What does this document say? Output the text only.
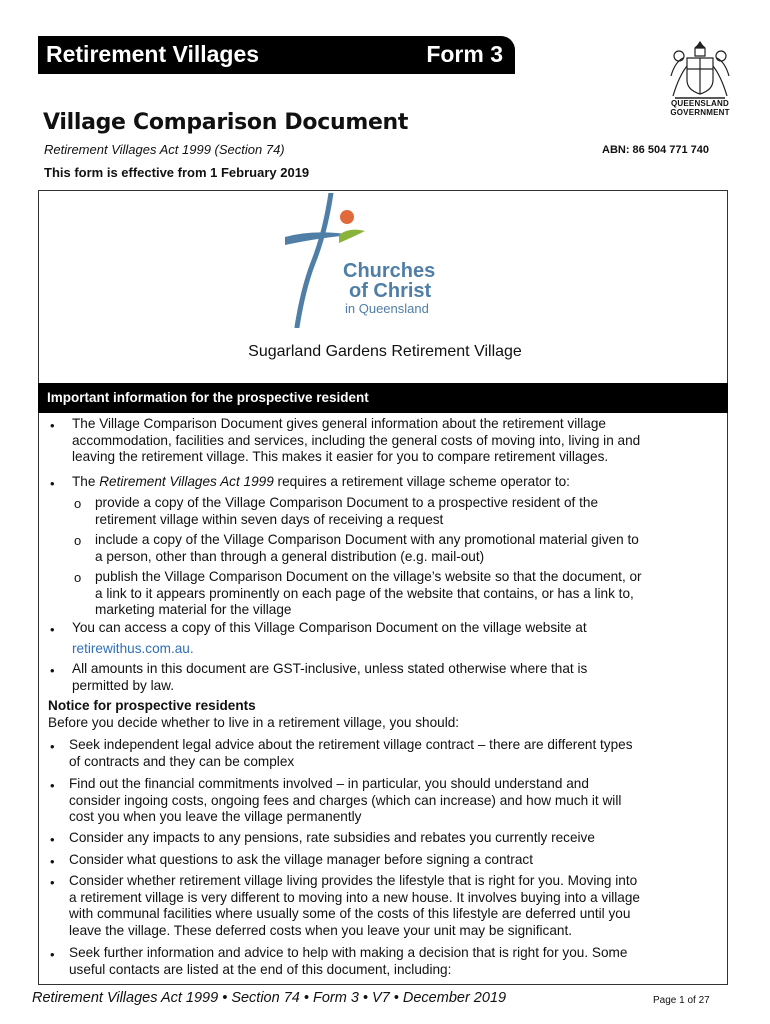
Retirement Villages	Form 3
QUEENSLAND
GOVERNMENT
Village Comparison Document
Retirement Villages Act 1999 (Section 74)	ABN: 86 504 771 740
This form is effective from 1 February 2019
Churches
of Christ
in Queensland
Sugarland Gardens Retirement Village
Important information for the prospective resident
• The Village Comparison Document gives general information about the retirement village
accommodation, facilities and services, including the general costs of moving into, living in and
leaving the retirement village. This makes it easier for you to compare retirement villages.
• The Retirement Villages Act 1999 requires a retirement village scheme operator to:
o provide a copy of the Village Comparison Document to a prospective resident of the
retirement village within seven days of receiving a request
o include a copy of the Village Comparison Document with any promotional material given to
a person, other than through a general distribution (e.g. mail-out)
o publish the Village Comparison Document on the village’s website so that the document, or
a link to it appears prominently on each page of the website that contains, or has a link to,
marketing material for the village
• You can access a copy of this Village Comparison Document on the village website at
retirewithus.com.au.
• All amounts in this document are GST-inclusive, unless stated otherwise where that is
permitted by law.
Notice for prospective residents
Before you decide whether to live in a retirement village, you should:
• Seek independent legal advice about the retirement village contract – there are different types
of contracts and they can be complex
• Find out the financial commitments involved – in particular, you should understand and
consider ingoing costs, ongoing fees and charges (which can increase) and how much it will
cost you when you leave the village permanently
• Consider any impacts to any pensions, rate subsidies and rebates you currently receive
• Consider what questions to ask the village manager before signing a contract
• Consider whether retirement village living provides the lifestyle that is right for you. Moving into
a retirement village is very different to moving into a new house. It involves buying into a village
with communal facilities where usually some of the costs of this lifestyle are deferred until you
leave the village. These deferred costs when you leave your unit may be significant.
• Seek further information and advice to help with making a decision that is right for you. Some
useful contacts are listed at the end of this document, including:
Retirement Villages Act 1999 • Section 74 • Form 3 • V7 • December 2019	Page 1 of 27
